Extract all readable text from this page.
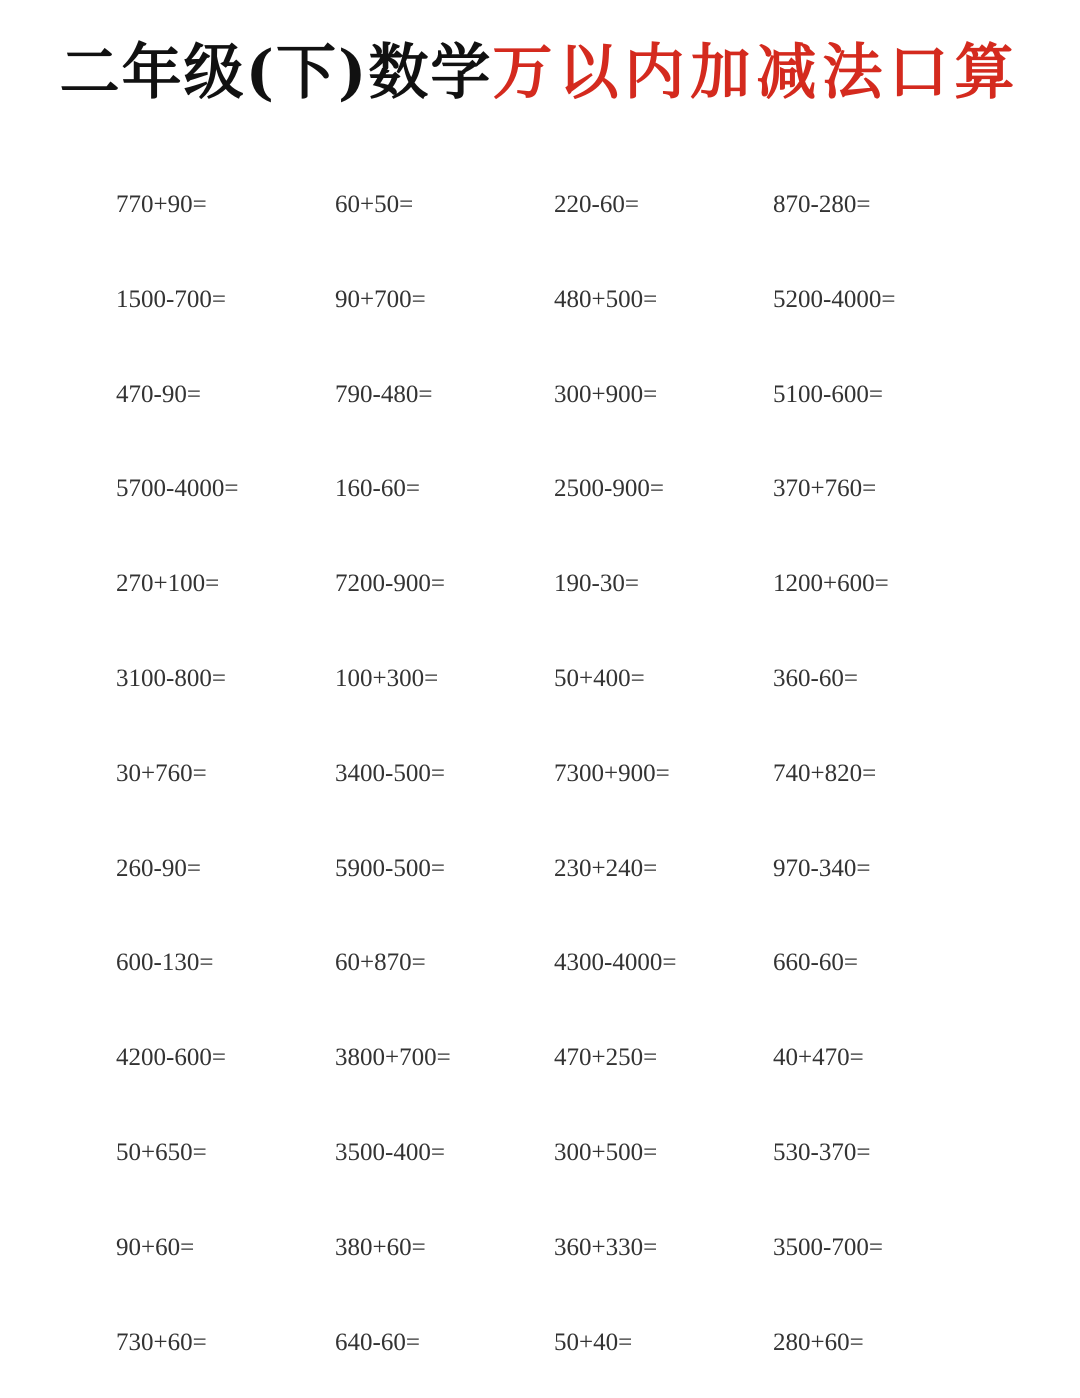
二年级(下)数学万以内加减法口算
770+90=	60+50=	220-60=	870-280=
1500-700=	90+700=	480+500=	5200-4000=
470-90=	790-480=	300+900=	5100-600=
5700-4000=	160-60=	2500-900=	370+760=
270+100=	7200-900=	190-30=	1200+600=
3100-800=	100+300=	50+400=	360-60=
30+760=	3400-500=	7300+900=	740+820=
260-90=	5900-500=	230+240=	970-340=
600-130=	60+870=	4300-4000=	660-60=
4200-600=	3800+700=	470+250=	40+470=
50+650=	3500-400=	300+500=	530-370=
90+60=	380+60=	360+330=	3500-700=
730+60=	640-60=	50+40=	280+60=
